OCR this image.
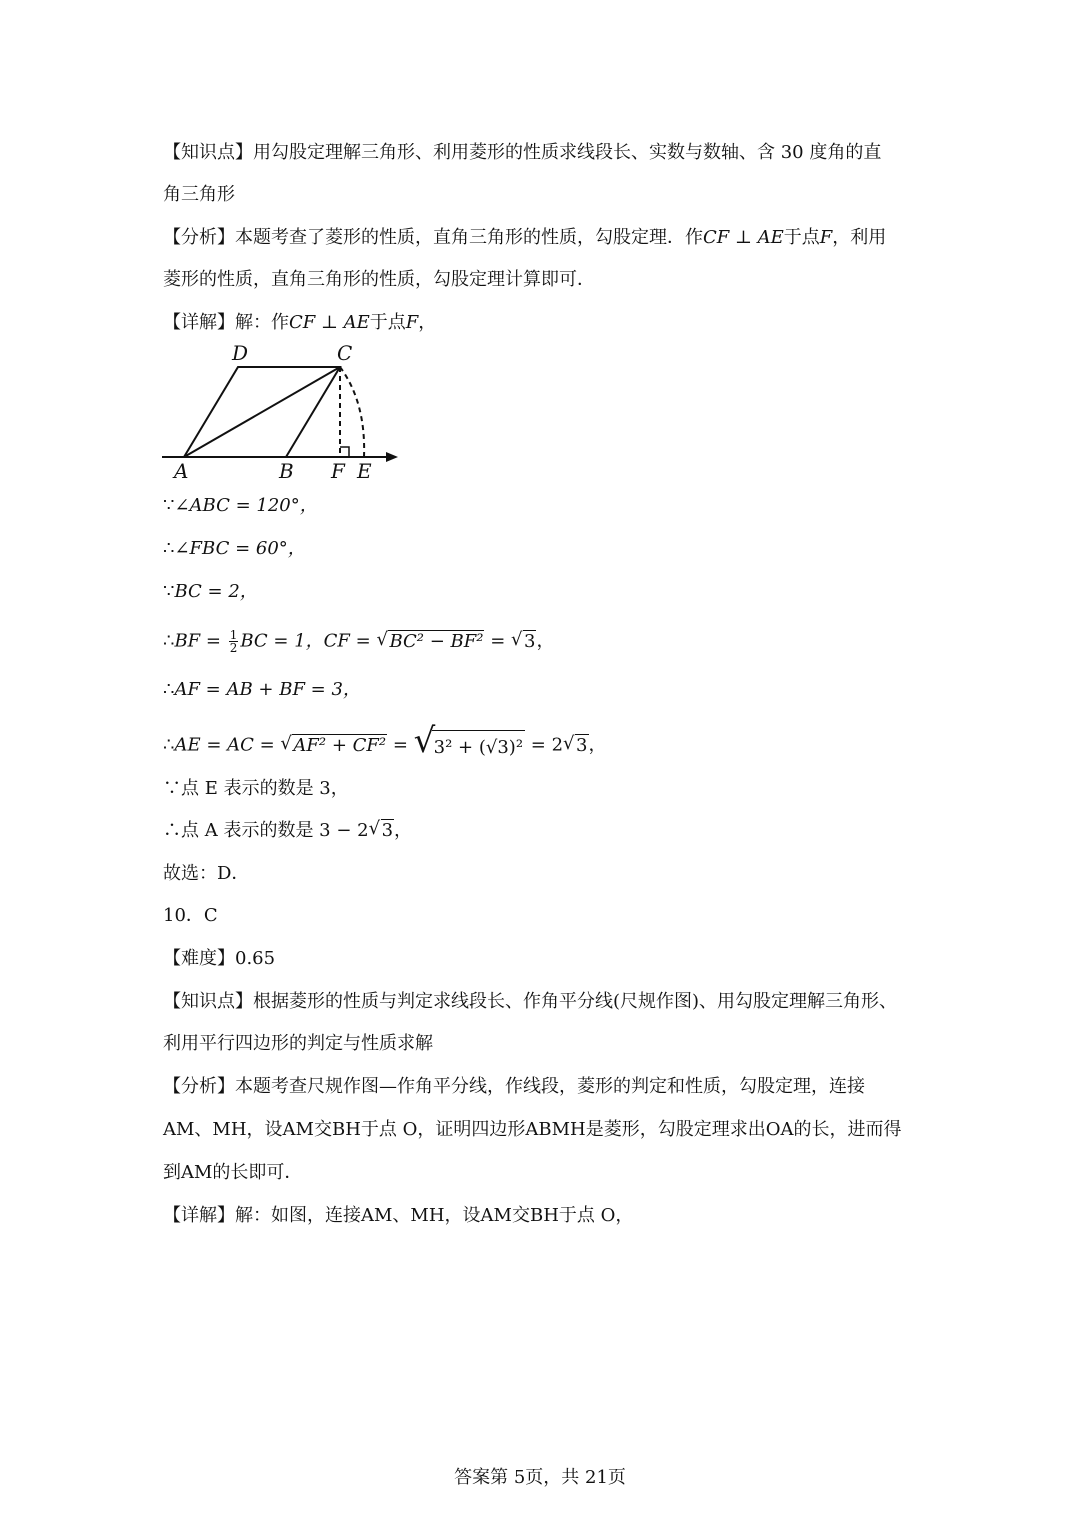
【知识点】用勾股定理解三角形、利用菱形的性质求线段长、实数与数轴、含 30 度角的直
角三角形
【分析】本题考查了菱形的性质，直角三角形的性质，勾股定理．作CF ⊥ AE于点F，利用
菱形的性质，直角三角形的性质，勾股定理计算即可．
【详解】解：作CF ⊥ AE于点F，
D	C
A	B F E
∵∠ABC = 120°，
∴∠FBC = 60°，
∵BC = 2，
∴BF = $\frac{1}{2}$ BC = 1，CF = √ BC² − BF² = √ 3，
∴AF = AB + BF = 3，
∴AE = AC = √ AF² + CF² = √ 3² + (√3)² = 2 √ 3，
∵点 E 表示的数是 3，
∴点 A 表示的数是 3 − 2 √ 3，
故选：D．
10．C
【难度】0.65
【知识点】根据菱形的性质与判定求线段长、作角平分线(尺规作图)、用勾股定理解三角形、
利用平行四边形的判定与性质求解
【分析】本题考查尺规作图—作角平分线，作线段，菱形的判定和性质，勾股定理，连接
AM、MH，设AM交BH于点 O，证明四边形ABMH是菱形，勾股定理求出OA的长，进而得
到AM的长即可．
【详解】解：如图，连接AM、MH，设AM交BH于点 O，
答案第 5页，共 21页
